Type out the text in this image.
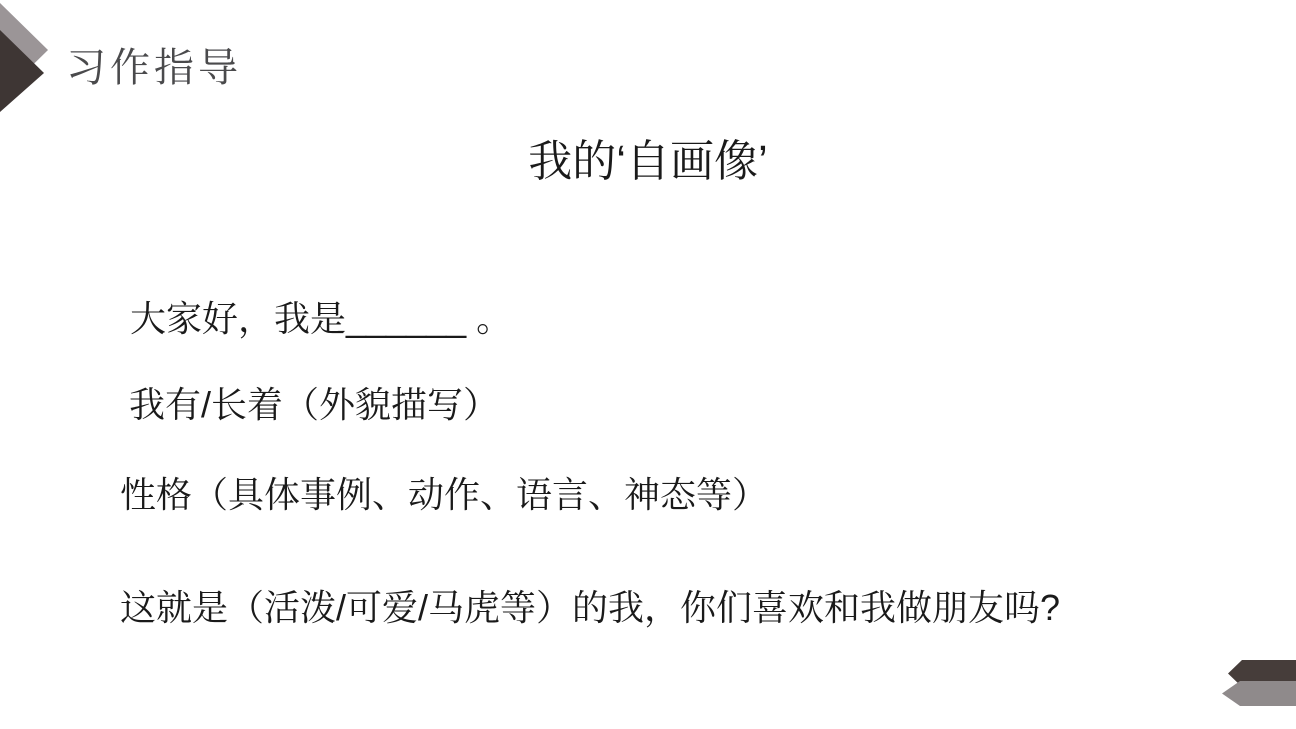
习作指导
我的‘自画像’
大家好，我是______ 。
我有/长着（外貌描写）
性格（具体事例、动作、语言、神态等）
这就是（活泼/可爱/马虎等）的我，你们喜欢和我做朋友吗?
